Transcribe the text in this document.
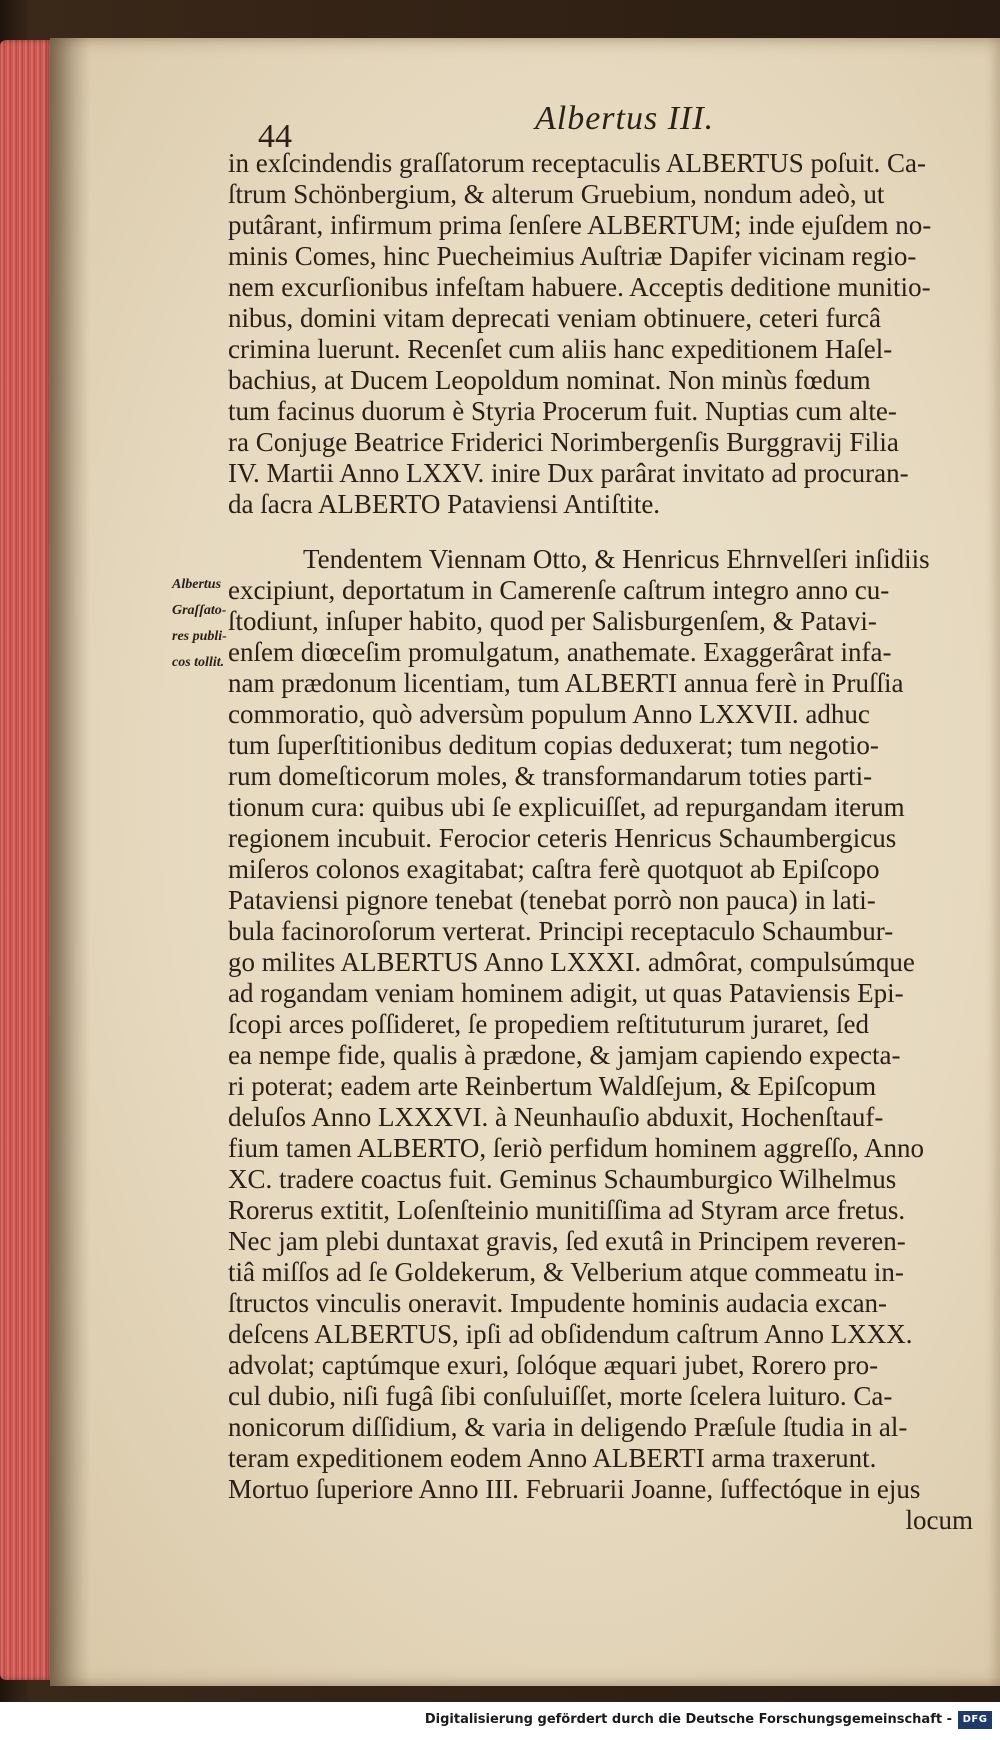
44	Albertus III.
in exſcindendis graſſatorum receptaculis ALBERTUS poſuit. Ca-
ſtrum Schönbergium, & alterum Gruebium, nondum adeò, ut
putârant, infirmum prima ſenſere ALBERTUM; inde ejuſdem no-
minis Comes, hinc Puecheimius Auſtriæ Dapifer vicinam regio-
nem excurſionibus infeſtam habuere. Acceptis deditione munitio-
nibus, domini vitam deprecati veniam obtinuere, ceteri furcâ
crimina luerunt. Recenſet cum aliis hanc expeditionem Haſel-
bachius, at Ducem Leopoldum nominat. Non minùs fœdum
tum facinus duorum è Styria Procerum fuit. Nuptias cum alte-
ra Conjuge Beatrice Friderici Norimbergenſis Burggravij Filia
IV. Martii Anno LXXV. inire Dux parârat invitato ad procuran-
da ſacra ALBERTO Pataviensi Antiſtite.
Tendentem Viennam Otto, & Henricus Ehrnvelſeri inſidiis
excipiunt, deportatum in Camerenſe caſtrum integro anno cu-
ſtodiunt, inſuper habito, quod per Salisburgenſem, & Patavi-
enſem diœceſim promulgatum, anathemate. Exaggerârat infa-
nam prædonum licentiam, tum ALBERTI annua ferè in Pruſſia
commoratio, quò adversùm populum Anno LXXVII. adhuc
tum ſuperſtitionibus deditum copias deduxerat; tum negotio-
rum domeſticorum moles, & transformandarum toties parti-
tionum cura: quibus ubi ſe explicuiſſet, ad repurgandam iterum
regionem incubuit. Ferocior ceteris Henricus Schaumbergicus
miſeros colonos exagitabat; caſtra ferè quotquot ab Epiſcopo
Pataviensi pignore tenebat (tenebat porrò non pauca) in lati-
bula facinoroſorum verterat. Principi receptaculo Schaumbur-
go milites ALBERTUS Anno LXXXI. admôrat, compulsúmque
ad rogandam veniam hominem adigit, ut quas Pataviensis Epi-
ſcopi arces poſſideret, ſe propediem reſtituturum juraret, ſed
ea nempe fide, qualis à prædone, & jamjam capiendo expecta-
ri poterat; eadem arte Reinbertum Waldſejum, & Epiſcopum
deluſos Anno LXXXVI. à Neunhauſio abduxit, Hochenſtauf-
fium tamen ALBERTO, ſeriò perfidum hominem aggreſſo, Anno
XC. tradere coactus fuit. Geminus Schaumburgico Wilhelmus
Rorerus extitit, Loſenſteinio munitiſſima ad Styram arce fretus.
Nec jam plebi duntaxat gravis, ſed exutâ in Principem reveren-
tiâ miſſos ad ſe Goldekerum, & Velberium atque commeatu in-
ſtructos vinculis oneravit. Impudente hominis audacia excan-
deſcens ALBERTUS, ipſi ad obſidendum caſtrum Anno LXXX.
advolat; captúmque exuri, ſolóque æquari jubet, Rorero pro-
cul dubio, niſi fugâ ſibi conſuluiſſet, morte ſcelera luituro. Ca-
nonicorum diſſidium, & varia in deligendo Præſule ſtudia in al-
teram expeditionem eodem Anno ALBERTI arma traxerunt.
Mortuo ſuperiore Anno III. Februarii Joanne, ſuffectóque in ejus
locum
Albertus
Graſſato-
res publi-
cos tollit.
Digitalisierung gefördert durch die Deutsche Forschungsgemeinschaft -	DFG
